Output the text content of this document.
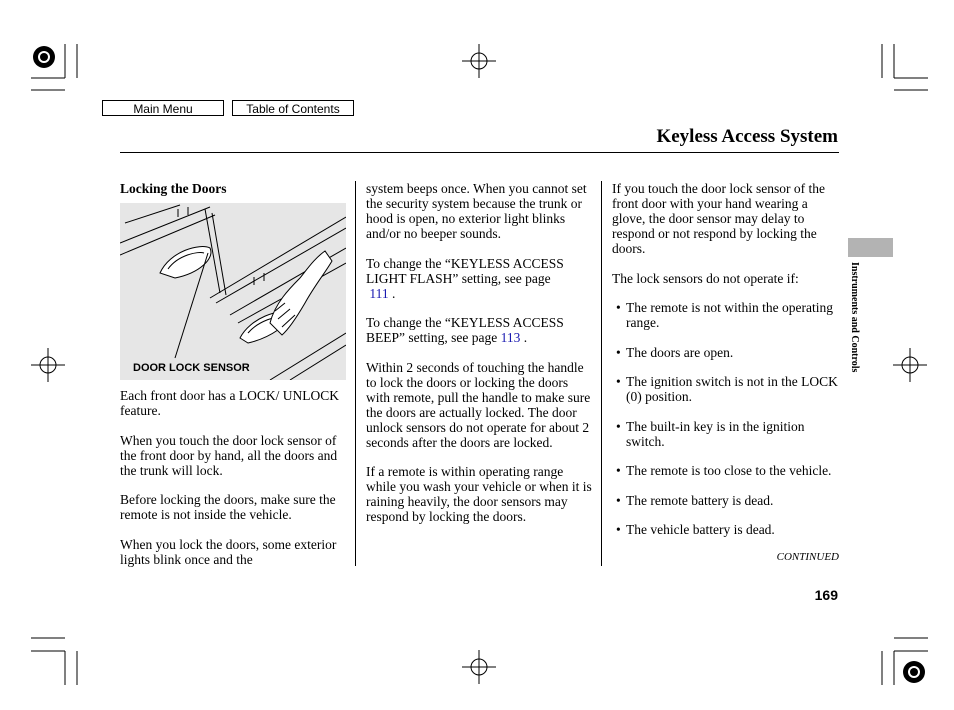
Main Menu	Table of Contents
Keyless Access System
Instruments and Controls
Locking the Doors
DOOR LOCK SENSOR

Each front door has a LOCK/ UNLOCK feature.

When you touch the door lock sensor of the front door by hand, all the doors and the trunk will lock.

Before locking the doors, make sure the remote is not inside the vehicle.

When you lock the doors, some exterior lights blink once and the

system beeps once. When you cannot set the security system because the trunk or hood is open, no exterior light blinks and/or no beeper sounds.

To change the “KEYLESS ACCESS LIGHT FLASH” setting, see page
111 .

To change the “KEYLESS ACCESS BEEP” setting, see page 113 .

Within 2 seconds of touching the handle to lock the doors or locking the doors with remote, pull the handle to make sure the doors are actually locked. The door unlock sensors do not operate for about 2 seconds after the doors are locked.

If a remote is within operating range while you wash your vehicle or when it is raining heavily, the door sensors may respond by locking the doors.

If you touch the door lock sensor of the front door with your hand wearing a glove, the door sensor may delay to respond or not respond by locking the doors.

The lock sensors do not operate if:

• The remote is not within the operating range.
• The doors are open.
• The ignition switch is not in the LOCK (0) position.
• The built-in key is in the ignition switch.
• The remote is too close to the vehicle.
• The remote battery is dead.
• The vehicle battery is dead.
CONTINUED
169
